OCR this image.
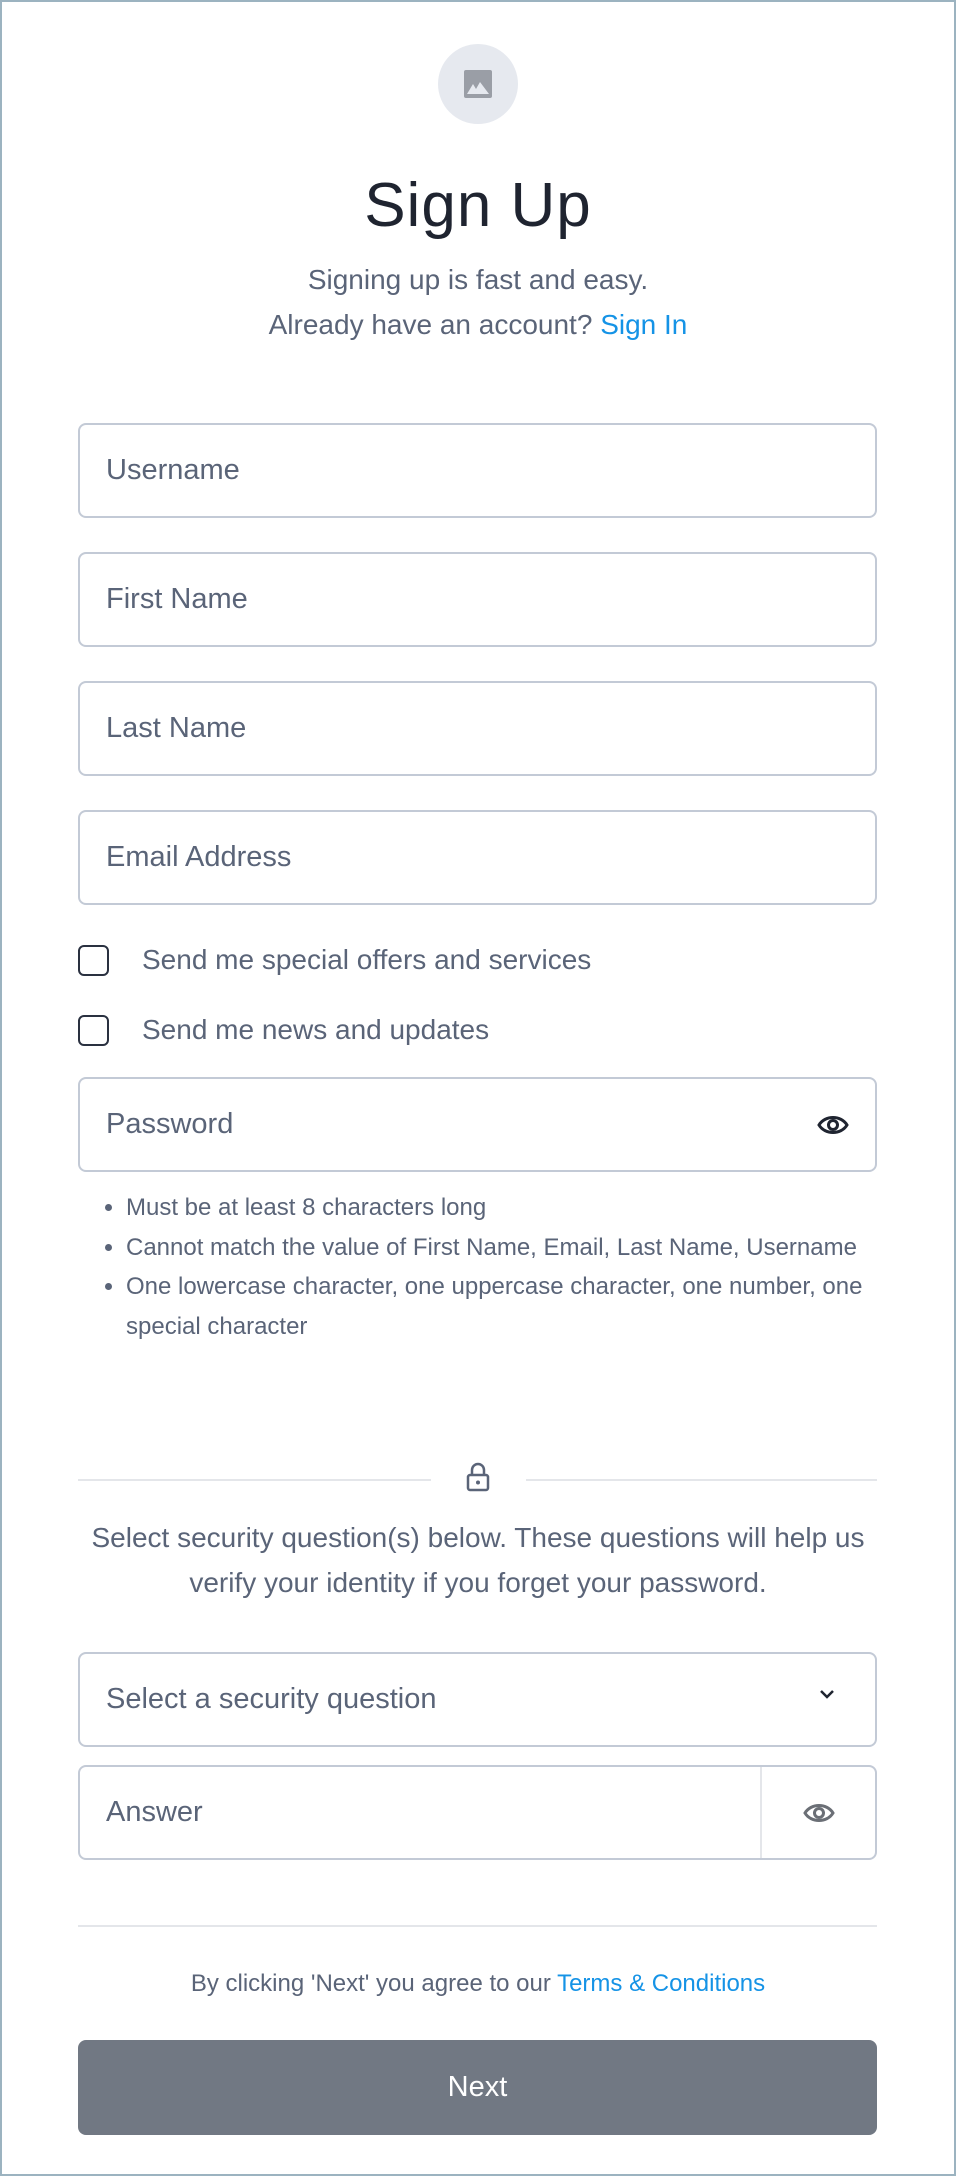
Sign Up
Signing up is fast and easy.
Already have an account? Sign In
Username
First Name
Last Name
Email Address
Send me special offers and services
Send me news and updates
Password
• Must be at least 8 characters long
• Cannot match the value of First Name, Email, Last Name, Username
• One lowercase character, one uppercase character, one number, one special character
Select security question(s) below. These questions will help us verify your identity if you forget your password.
Select a security question
Answer
By clicking 'Next' you agree to our Terms & Conditions
Next
